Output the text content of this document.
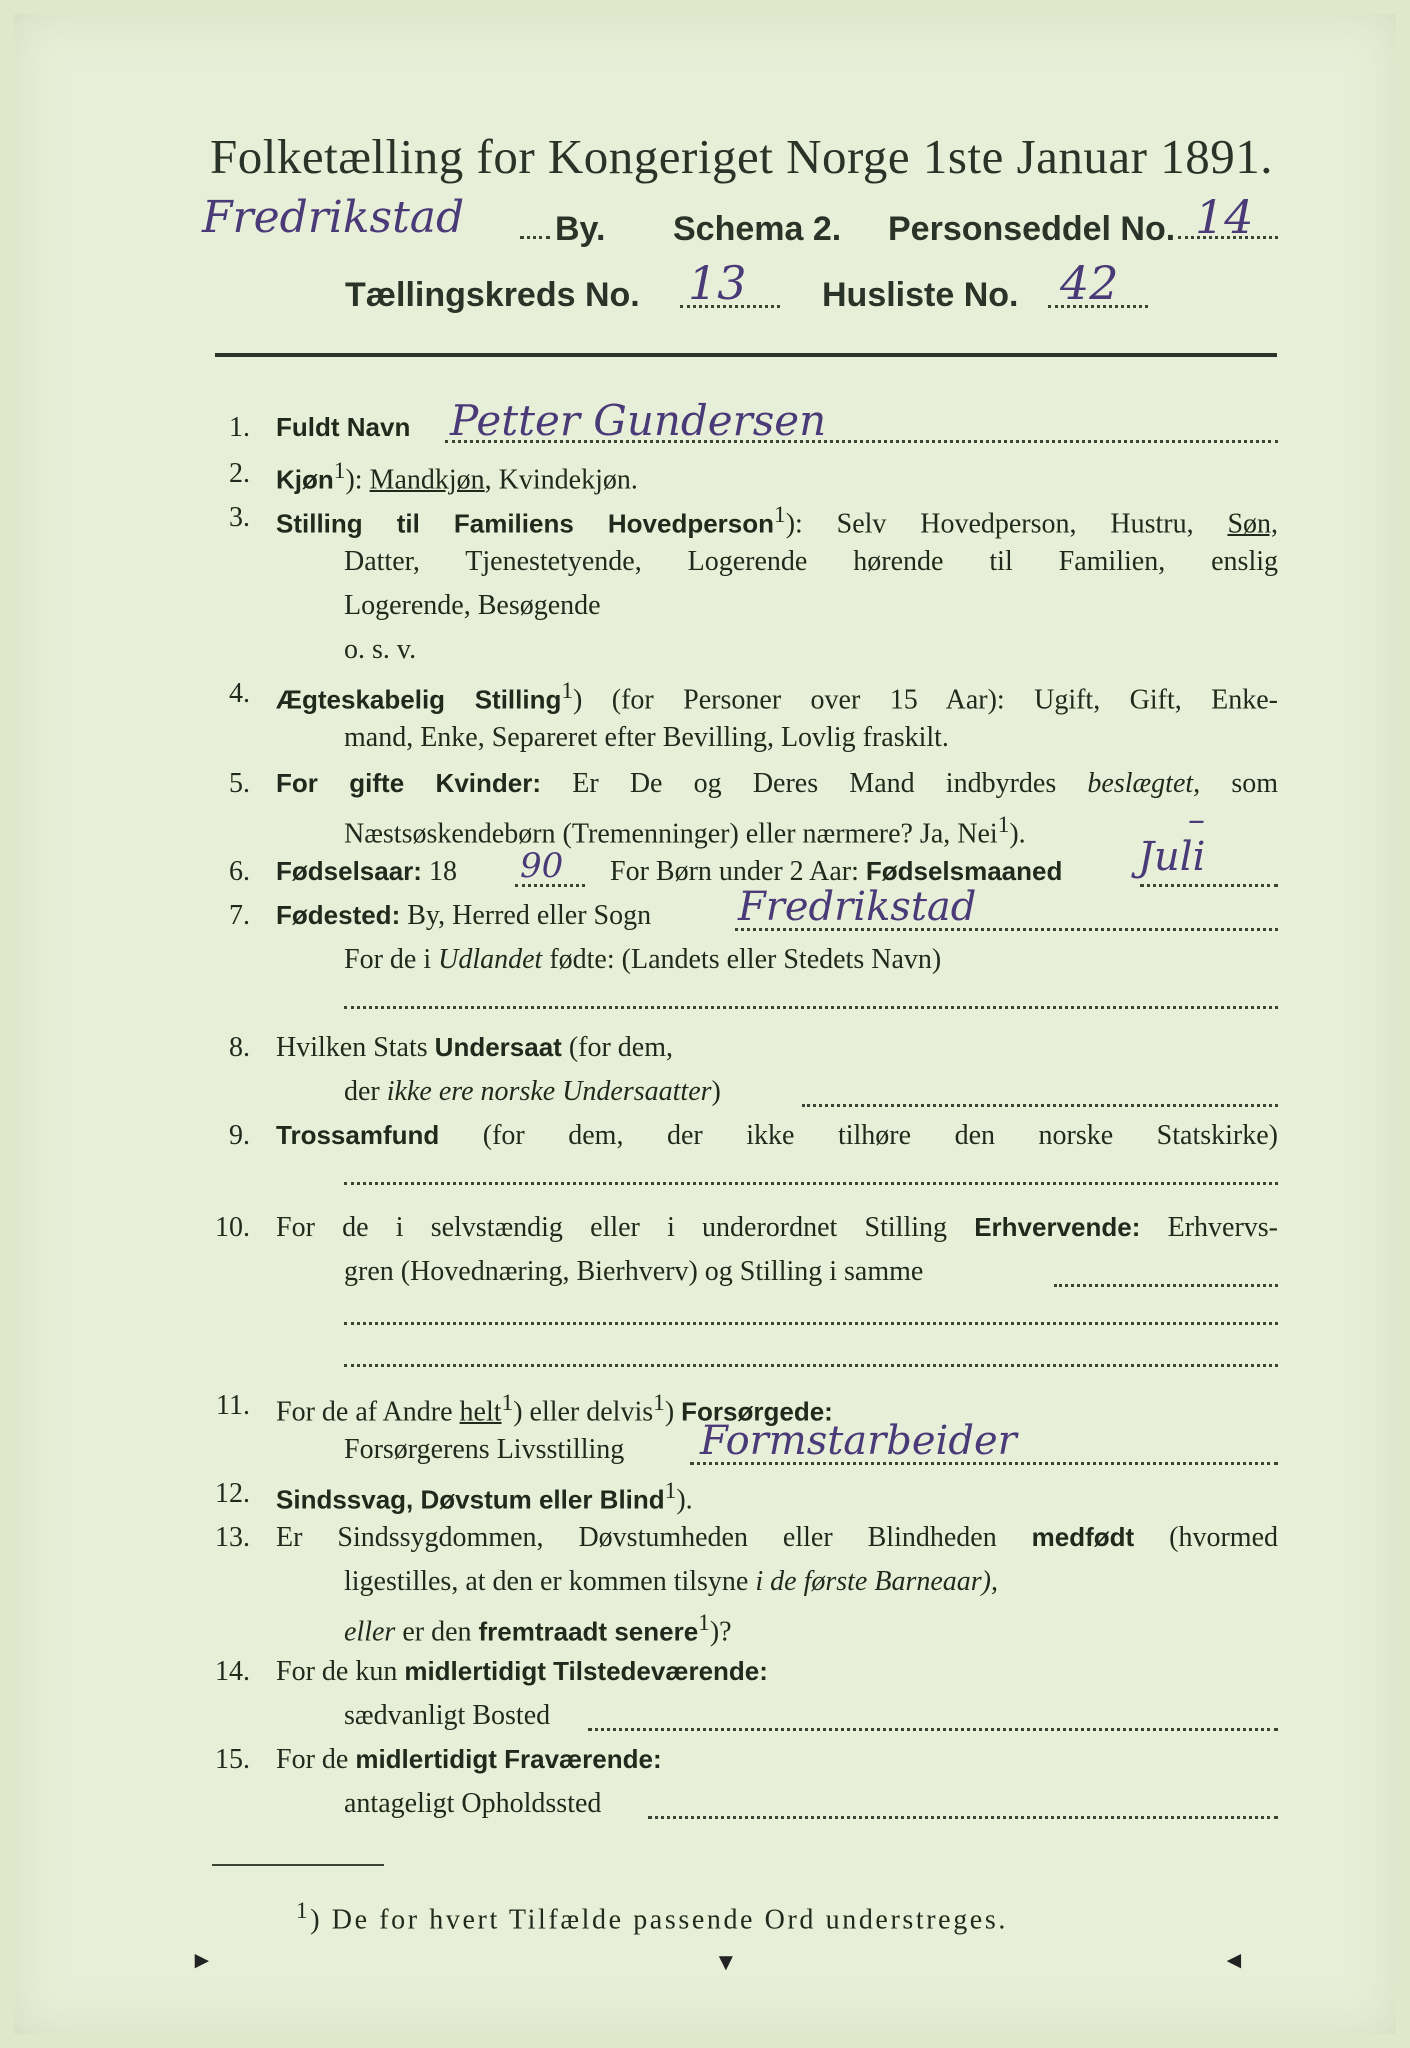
Folketælling for Kongeriget Norge 1ste Januar 1891.
Fredrikstad	By. Schema 2. Personseddel No. 14
Tællingskreds No. 13 Husliste No. 42
1. Fuldt Navn Petter Gundersen
2. Kjøn$^1$): Mandkjøn, Kvindekjøn.
3. Stilling til Familiens Hovedperson$^1$): Selv Hovedperson, Hustru, Søn,
Datter, Tjenestetyende, Logerende hørende til Familien, enslig
Logerende, Besøgende
o. s. v.
4. Ægteskabelig Stilling$^1$) (for Personer over 15 Aar): Ugift, Gift, Enke-
mand, Enke, Separeret efter Bevilling, Lovlig fraskilt.
5. For gifte Kvinder: Er De og Deres Mand indbyrdes beslægtet, som
Næstsøskendebørn (Tremenninger) eller nærmere? Ja, Nei$^1$).	–
6. Fødselsaar: 18 90 For Børn under 2 Aar: Fødselsmaaned Juli
7. Fødested: By, Herred eller Sogn Fredrikstad
For de i Udlandet fødte: (Landets eller Stedets Navn)
8. Hvilken Stats Undersaat (for dem,
der ikke ere norske Undersaatter)
9. Trossamfund (for dem, der ikke tilhøre den norske Statskirke)
10. For de i selvstændig eller i underordnet Stilling Erhvervende: Erhvervs-
gren (Hovednæring, Bierhverv) og Stilling i samme
11. For de af Andre helt$^1$) eller delvis$^1$) Forsørgede:
Forsørgerens Livsstilling Formstarbeider
12. Sindssvag, Døvstum eller Blind$^1$).
13. Er Sindssygdommen, Døvstumheden eller Blindheden medfødt (hvormed
ligestilles, at den er kommen tilsyne i de første Barneaar),
eller er den fremtraadt senere$^1$)?
14. For de kun midlertidigt Tilstedeværende:
sædvanligt Bosted
15. For de midlertidigt Fraværende:
antageligt Opholdssted
$^1$) De for hvert Tilfælde passende Ord understreges.
►	▼	◄
